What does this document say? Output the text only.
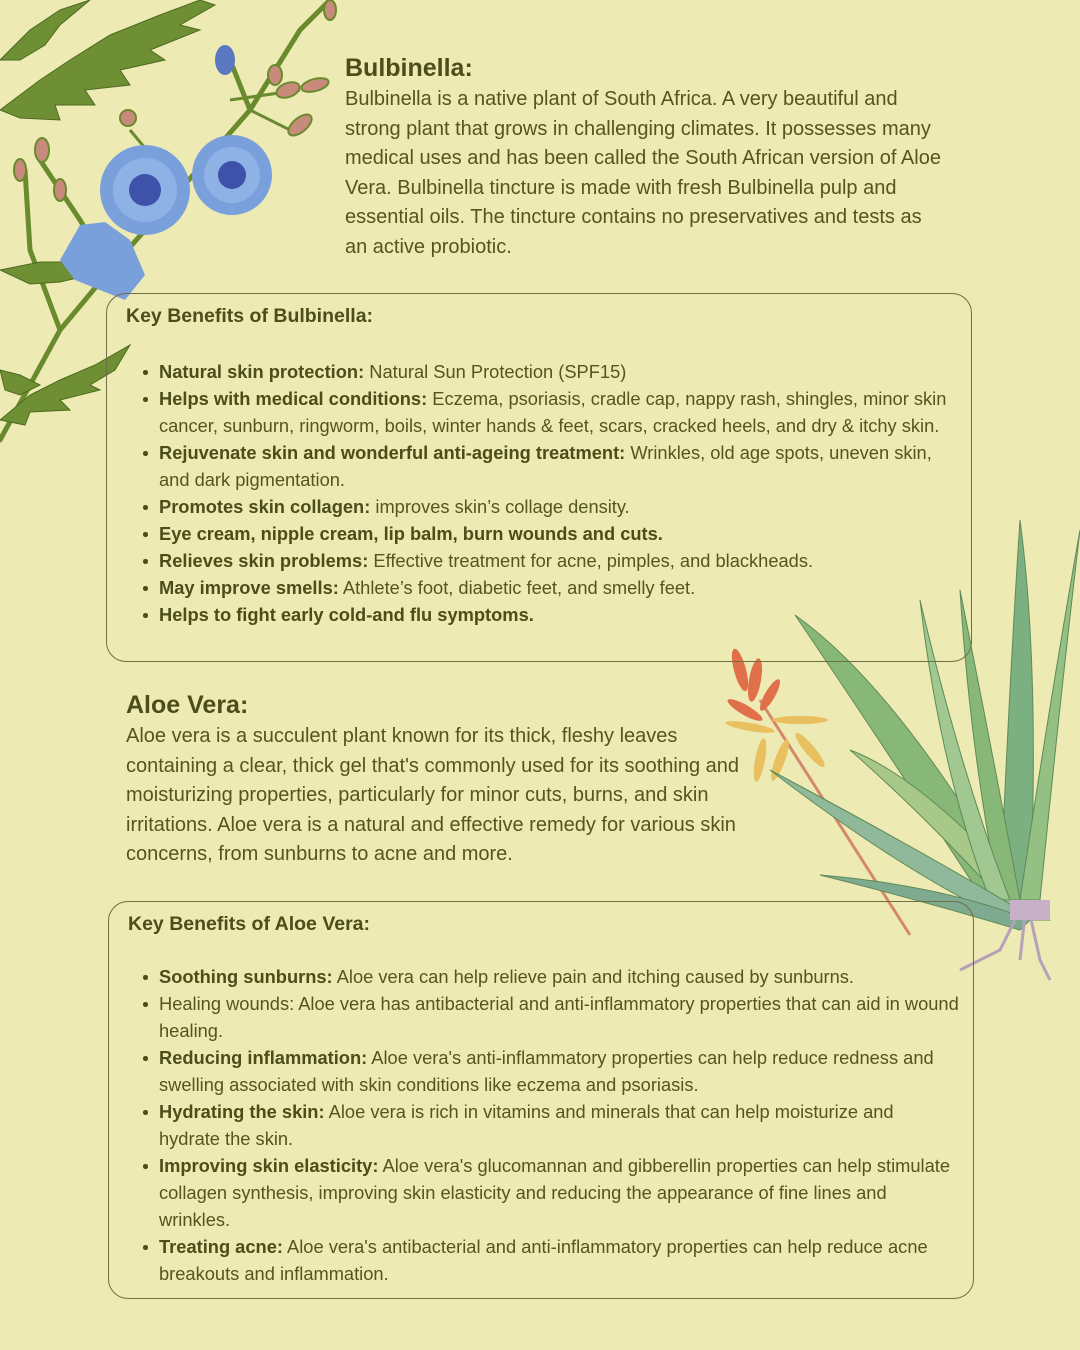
Bulbinella:

Bulbinella is a native plant of South Africa. A very beautiful and strong plant that grows in challenging climates. It possesses many medical uses and has been called the South African version of Aloe Vera. Bulbinella tincture is made with fresh Bulbinella pulp and essential oils. The tincture contains no preservatives and tests as an active probiotic.

Key Benefits of Bulbinella:
Natural skin protection: Natural Sun Protection (SPF15)
Helps with medical conditions: Eczema, psoriasis, cradle cap, nappy rash, shingles, minor skin cancer, sunburn, ringworm, boils, winter hands & feet, scars, cracked heels, and dry & itchy skin.
Rejuvenate skin and wonderful anti-ageing treatment: Wrinkles, old age spots, uneven skin, and dark pigmentation.
Promotes skin collagen: improves skin’s collage density.
Eye cream, nipple cream, lip balm, burn wounds and cuts.
Relieves skin problems: Effective treatment for acne, pimples, and blackheads.
May improve smells: Athlete’s foot, diabetic feet, and smelly feet.
Helps to fight early cold-and flu symptoms.
Aloe Vera:

Aloe vera is a succulent plant known for its thick, fleshy leaves containing a clear, thick gel that's commonly used for its soothing and moisturizing properties, particularly for minor cuts, burns, and skin irritations. Aloe vera is a natural and effective remedy for various skin concerns, from sunburns to acne and more.

Key Benefits of Aloe Vera:
Soothing sunburns: Aloe vera can help relieve pain and itching caused by sunburns.
Healing wounds: Aloe vera has antibacterial and anti-inflammatory properties that can aid in wound healing.
Reducing inflammation: Aloe vera's anti-inflammatory properties can help reduce redness and swelling associated with skin conditions like eczema and psoriasis.
Hydrating the skin: Aloe vera is rich in vitamins and minerals that can help moisturize and hydrate the skin.
Improving skin elasticity: Aloe vera's glucomannan and gibberellin properties can help stimulate collagen synthesis, improving skin elasticity and reducing the appearance of fine lines and wrinkles.
Treating acne: Aloe vera's antibacterial and anti-inflammatory properties can help reduce acne breakouts and inflammation.
